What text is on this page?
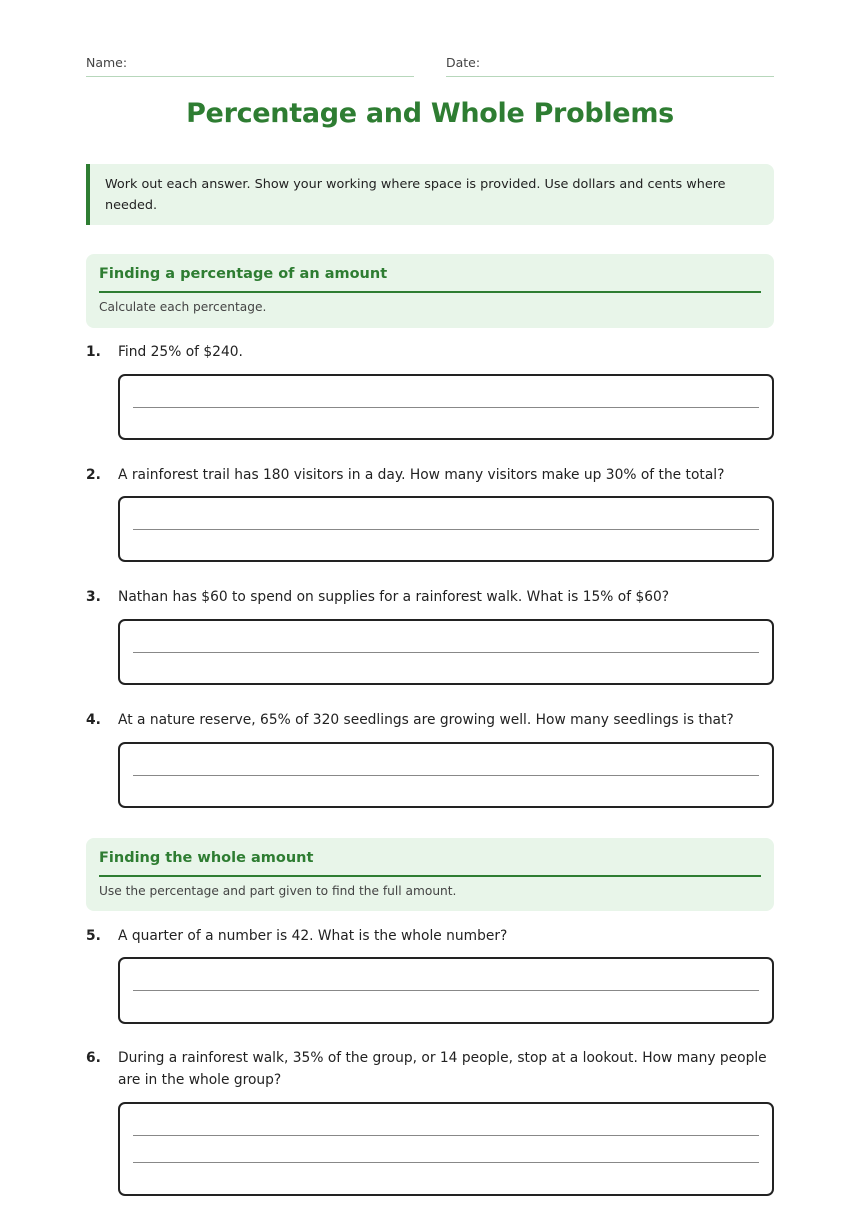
Name:	Date:
Percentage and Whole Problems
Work out each answer. Show your working where space is provided. Use dollars and cents where needed.
Finding a percentage of an amount
Calculate each percentage.
1. Find 25% of $240.
2. A rainforest trail has 180 visitors in a day. How many visitors make up 30% of the total?
3. Nathan has $60 to spend on supplies for a rainforest walk. What is 15% of $60?
4. At a nature reserve, 65% of 320 seedlings are growing well. How many seedlings is that?
Finding the whole amount
Use the percentage and part given to find the full amount.
5. A quarter of a number is 42. What is the whole number?
6. During a rainforest walk, 35% of the group, or 14 people, stop at a lookout. How many people are in the whole group?
